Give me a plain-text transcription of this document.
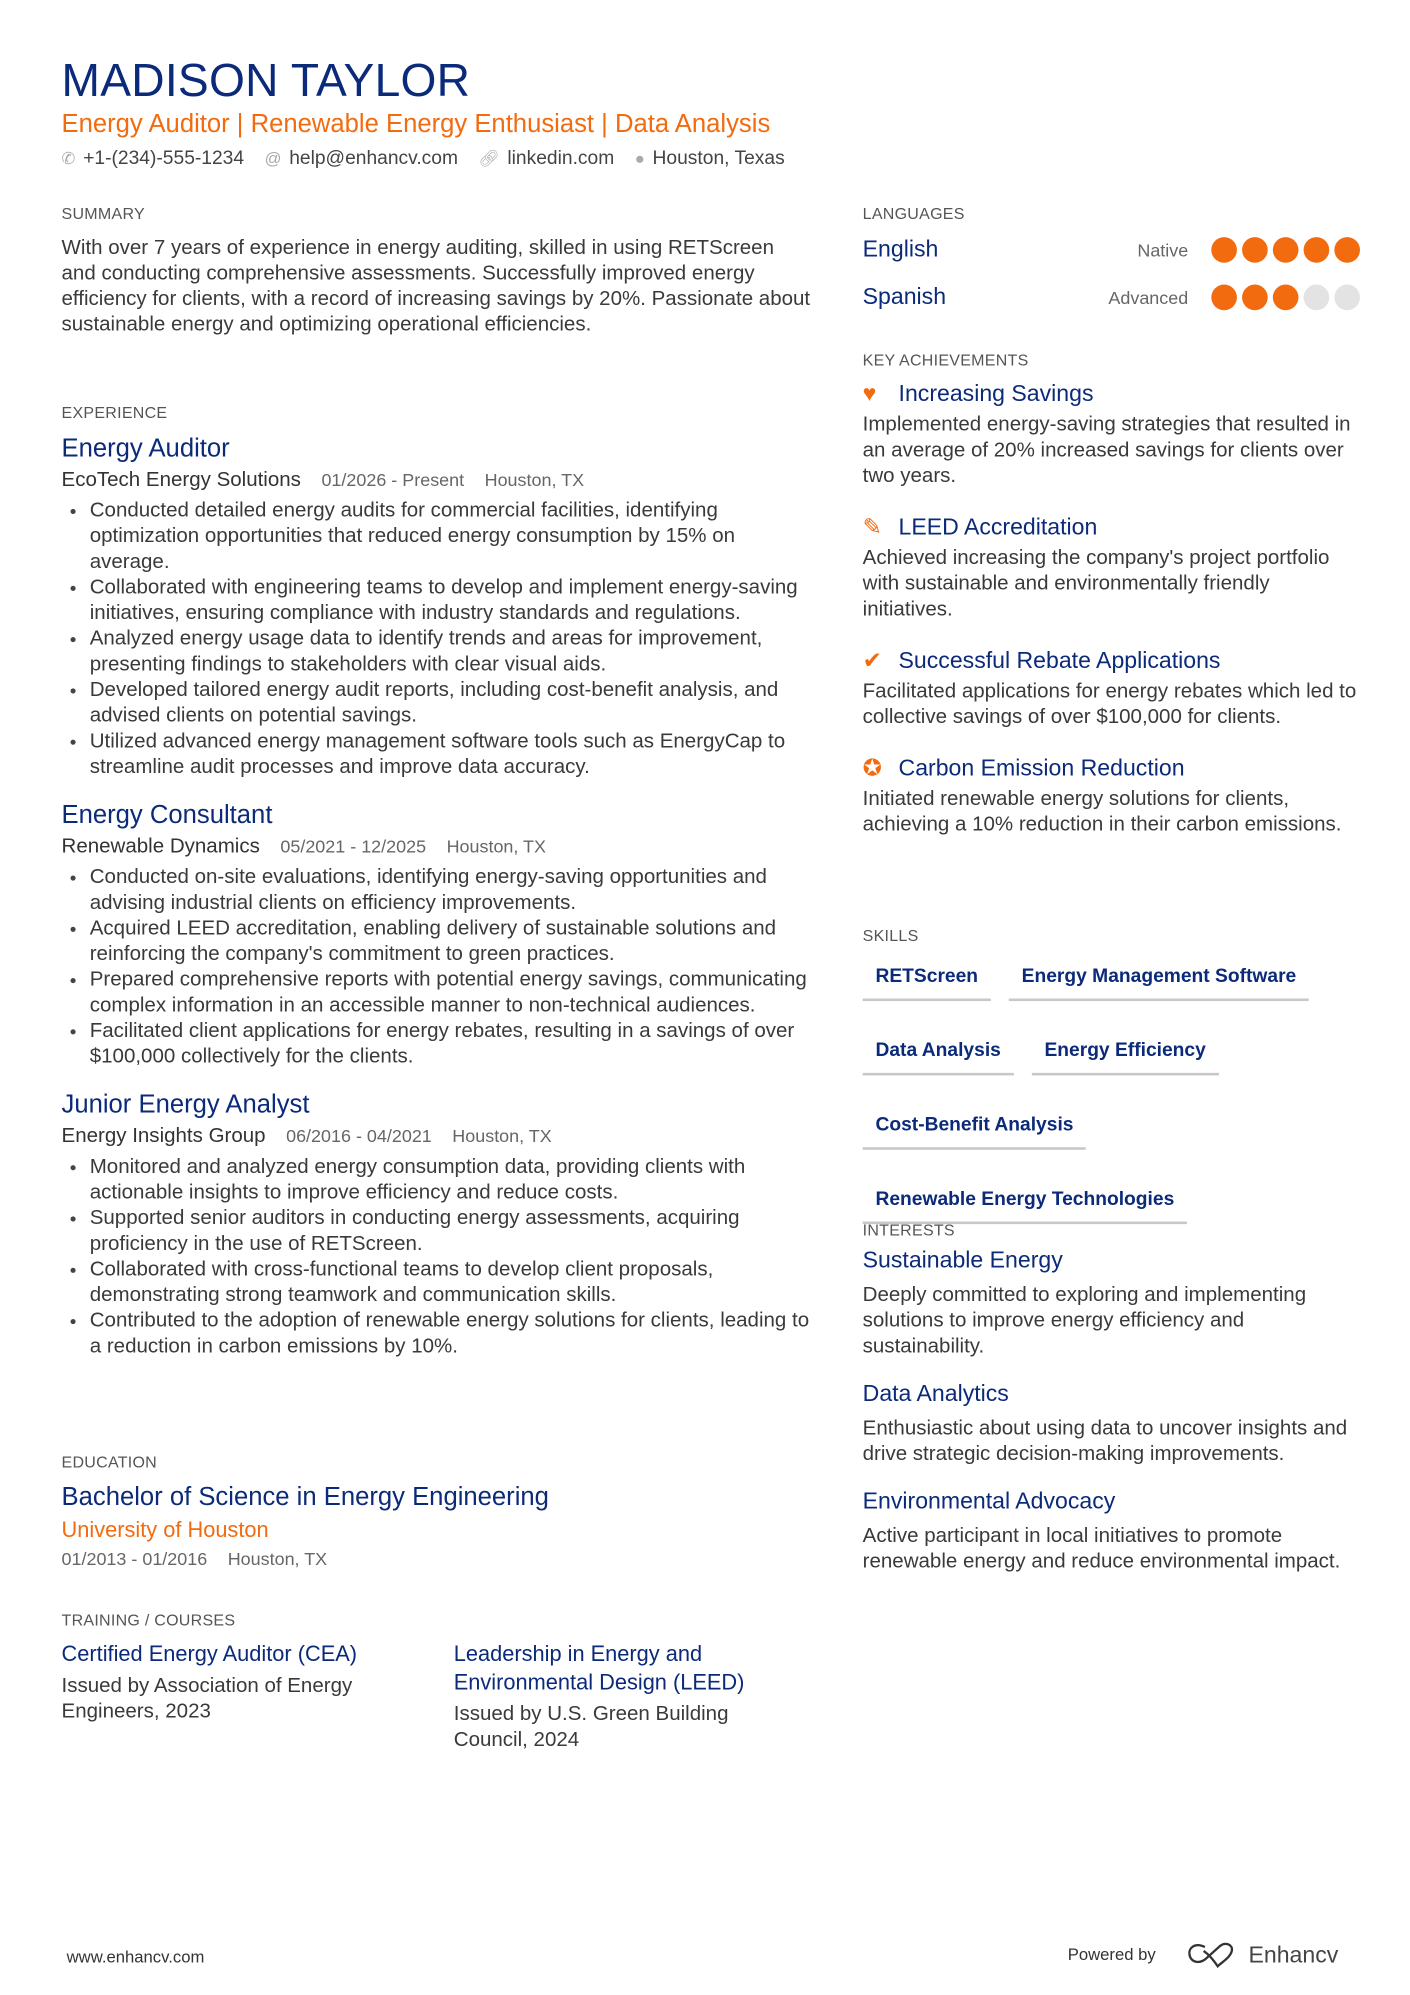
MADISON TAYLOR
Energy Auditor | Renewable Energy Enthusiast | Data Analysis
✆ +1-(234)-555-1234 @ help@enhancv.com 🔗︎ linkedin.com ● Houston, Texas
SUMMARY
With over 7 years of experience in energy auditing, skilled in using RETScreen and conducting comprehensive assessments. Successfully improved energy efficiency for clients, with a record of increasing savings by 20%. Passionate about sustainable energy and optimizing operational efficiencies.
EXPERIENCE
Energy Auditor
EcoTech Energy Solutions 01/2026 - Present Houston, TX
• Conducted detailed energy audits for commercial facilities, identifying optimization opportunities that reduced energy consumption by 15% on average.
• Collaborated with engineering teams to develop and implement energy-saving initiatives, ensuring compliance with industry standards and regulations.
• Analyzed energy usage data to identify trends and areas for improvement, presenting findings to stakeholders with clear visual aids.
• Developed tailored energy audit reports, including cost-benefit analysis, and advised clients on potential savings.
• Utilized advanced energy management software tools such as EnergyCap to streamline audit processes and improve data accuracy.
Energy Consultant
Renewable Dynamics 05/2021 - 12/2025 Houston, TX
• Conducted on-site evaluations, identifying energy-saving opportunities and advising industrial clients on efficiency improvements.
• Acquired LEED accreditation, enabling delivery of sustainable solutions and reinforcing the company's commitment to green practices.
• Prepared comprehensive reports with potential energy savings, communicating complex information in an accessible manner to non-technical audiences.
• Facilitated client applications for energy rebates, resulting in a savings of over $100,000 collectively for the clients.
Junior Energy Analyst
Energy Insights Group 06/2016 - 04/2021 Houston, TX
• Monitored and analyzed energy consumption data, providing clients with actionable insights to improve efficiency and reduce costs.
• Supported senior auditors in conducting energy assessments, acquiring proficiency in the use of RETScreen.
• Collaborated with cross-functional teams to develop client proposals, demonstrating strong teamwork and communication skills.
• Contributed to the adoption of renewable energy solutions for clients, leading to a reduction in carbon emissions by 10%.
EDUCATION
Bachelor of Science in Energy Engineering
University of Houston
01/2013 - 01/2016 Houston, TX
TRAINING / COURSES
Certified Energy Auditor (CEA)
Issued by Association of Energy Engineers, 2023
Leadership in Energy and Environmental Design (LEED)
Issued by U.S. Green Building Council, 2024
LANGUAGES
English	Native
Spanish	Advanced
KEY ACHIEVEMENTS
♥	Increasing Savings
Implemented energy-saving strategies that resulted in an average of 20% increased savings for clients over two years.
✎ LEED Accreditation
Achieved increasing the company's project portfolio with sustainable and environmentally friendly initiatives.
✔ Successful Rebate Applications
Facilitated applications for energy rebates which led to collective savings of over $100,000 for clients.
✪ Carbon Emission Reduction
Initiated renewable energy solutions for clients, achieving a 10% reduction in their carbon emissions.
SKILLS
RETScreen	Energy Management Software
Data Analysis	Energy Efficiency
Cost-Benefit Analysis
Renewable Energy Technologies
INTERESTS
Sustainable Energy
Deeply committed to exploring and implementing solutions to improve energy efficiency and sustainability.
Data Analytics
Enthusiastic about using data to uncover insights and drive strategic decision-making improvements.
Environmental Advocacy
Active participant in local initiatives to promote renewable energy and reduce environmental impact.
www.enhancv.com	Powered by	Enhancv
